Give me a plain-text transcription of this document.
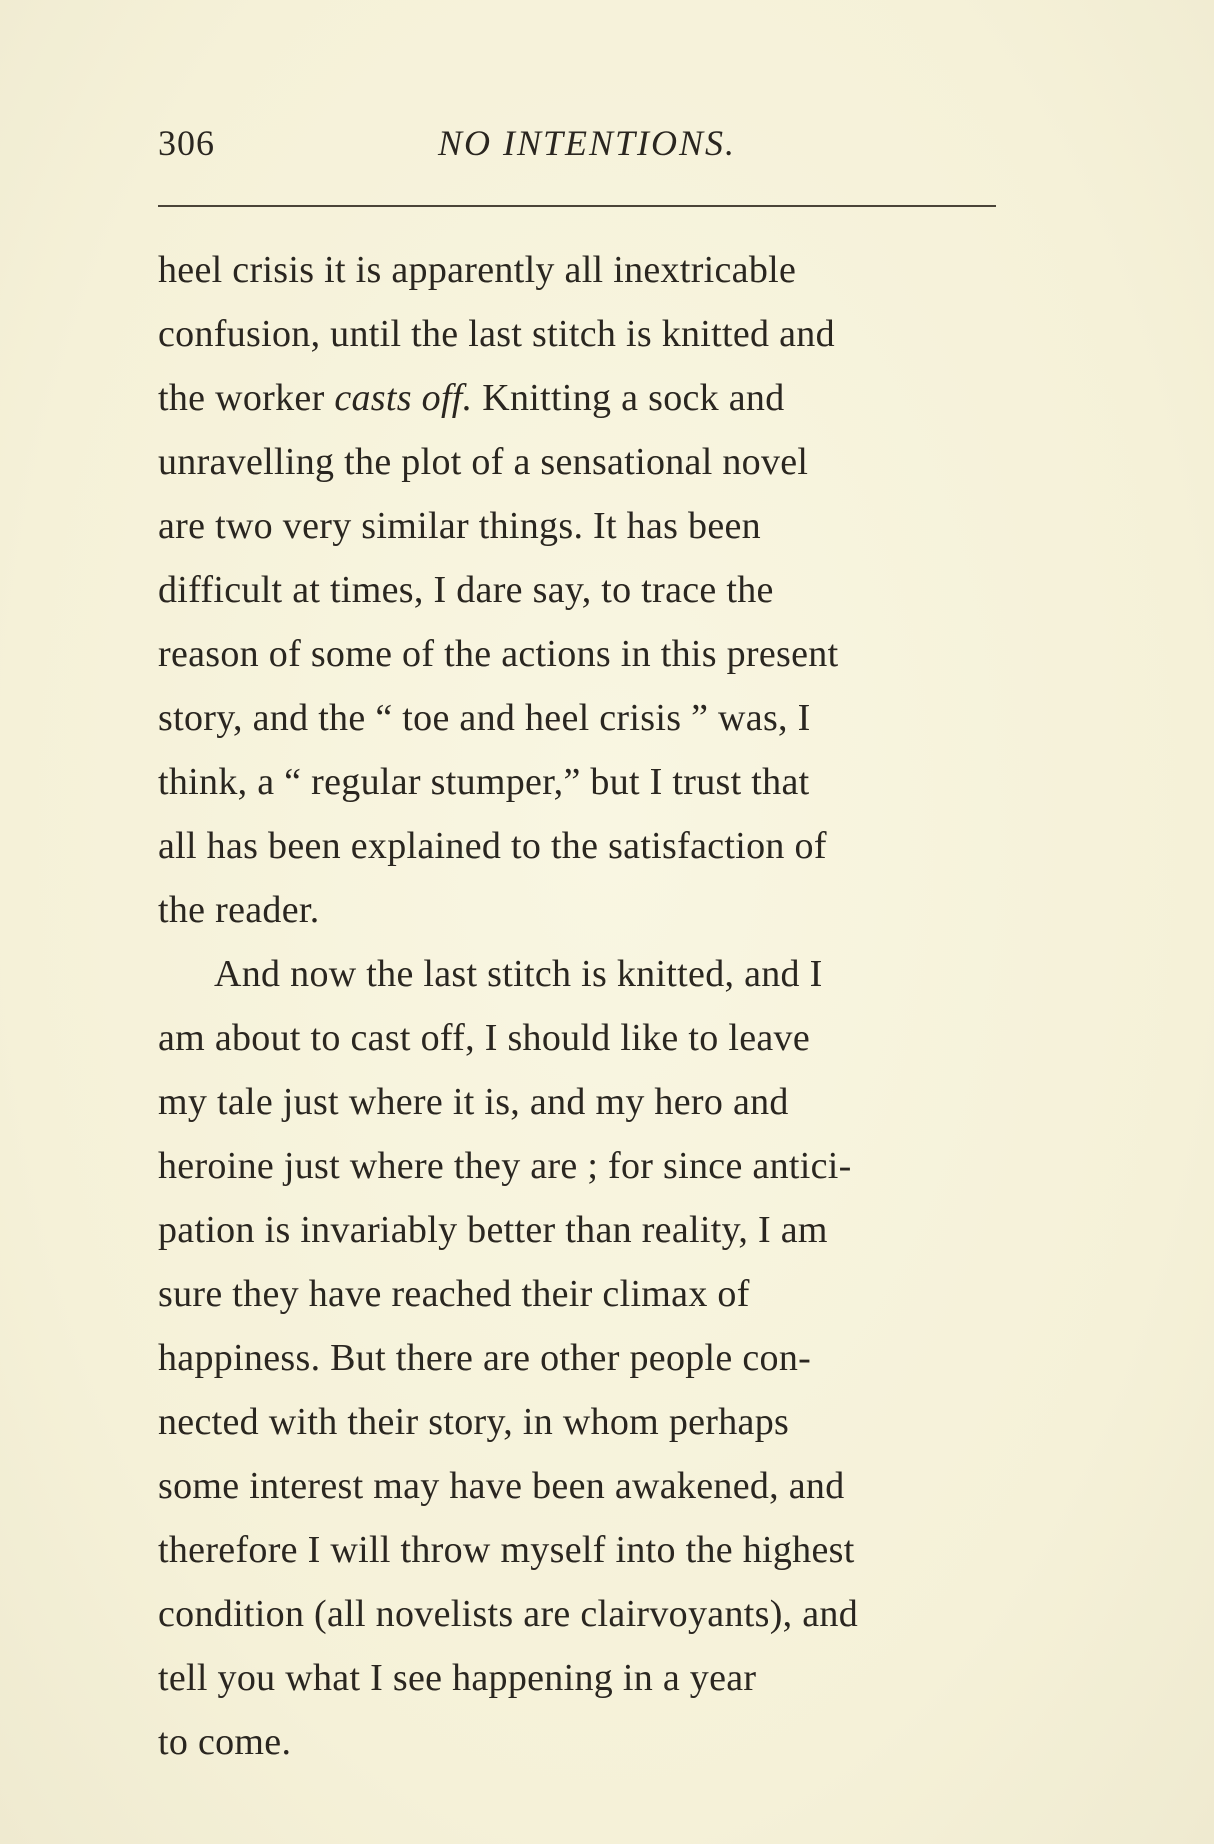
306	NO INTENTIONS.
heel crisis it is apparently all inextricable
confusion, until the last stitch is knitted and
the worker casts off. Knitting a sock and
unravelling the plot of a sensational novel
are two very similar things. It has been
difficult at times, I dare say, to trace the
reason of some of the actions in this present
story, and the “ toe and heel crisis ” was, I
think, a “ regular stumper,” but I trust that
all has been explained to the satisfaction of
the reader.
And now the last stitch is knitted, and I
am about to cast off, I should like to leave
my tale just where it is, and my hero and
heroine just where they are ; for since antici-
pation is invariably better than reality, I am
sure they have reached their climax of
happiness. But there are other people con-
nected with their story, in whom perhaps
some interest may have been awakened, and
therefore I will throw myself into the highest
condition (all novelists are clairvoyants), and
tell you what I see happening in a year
to come.
